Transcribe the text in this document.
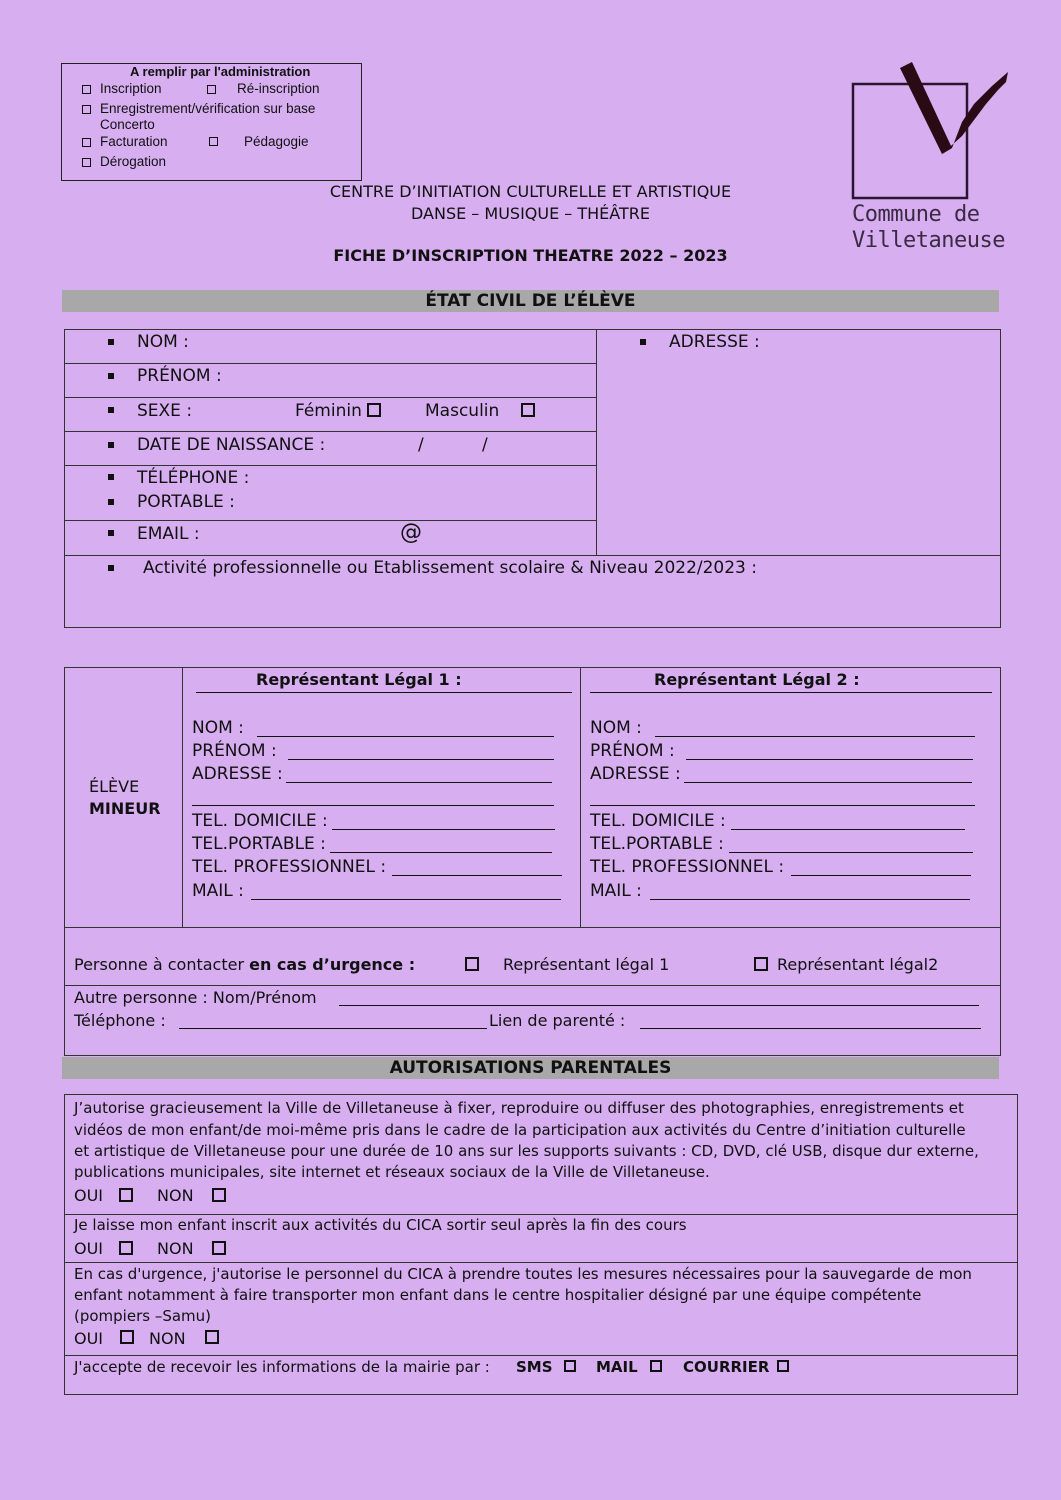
A remplir par l'administration
Inscription	Ré-inscription
Enregistrement/vérification sur base
Concerto
Facturation	Pédagogie
Dérogation
CENTRE D’INITIATION CULTURELLE ET ARTISTIQUE
DANSE – MUSIQUE – THÉÂTRE
FICHE D’INSCRIPTION THEATRE 2022 – 2023
Commune de
Villetaneuse
ÉTAT CIVIL DE L’ÉLÈVE
NOM :
PRÉNOM :
SEXE :	Féminin	Masculin
DATE DE NAISSANCE :	/	/
TÉLÉPHONE :
PORTABLE :
EMAIL :	@
ADRESSE :
Activité professionnelle ou Etablissement scolaire & Niveau 2022/2023 :
ÉLÈVE
MINEUR
Représentant Légal 1 :	Représentant Légal 2 :
NOM :
PRÉNOM :
ADRESSE :
TEL. DOMICILE :
TEL.PORTABLE :
TEL. PROFESSIONNEL :
MAIL :
NOM :
PRÉNOM :
ADRESSE :
TEL. DOMICILE :
TEL.PORTABLE :
TEL. PROFESSIONNEL :
MAIL :
Personne à contacter en cas d’urgence :	Représentant légal 1	Représentant légal2
Autre personne : Nom/Prénom
Téléphone :	Lien de parenté :
AUTORISATIONS PARENTALES
J’autorise gracieusement la Ville de Villetaneuse à fixer, reproduire ou diffuser des photographies, enregistrements et
vidéos de mon enfant/de moi-même pris dans le cadre de la participation aux activités du Centre d’initiation culturelle
et artistique de Villetaneuse pour une durée de 10 ans sur les supports suivants : CD, DVD, clé USB, disque dur externe,
publications municipales, site internet et réseaux sociaux de la Ville de Villetaneuse.
OUI	NON
Je laisse mon enfant inscrit aux activités du CICA sortir seul après la fin des cours
OUI	NON
En cas d'urgence, j'autorise le personnel du CICA à prendre toutes les mesures nécessaires pour la sauvegarde de mon
enfant notamment à faire transporter mon enfant dans le centre hospitalier désigné par une équipe compétente
(pompiers –Samu)
OUI	NON
J'accepte de recevoir les informations de la mairie par : SMS	MAIL	COURRIER
